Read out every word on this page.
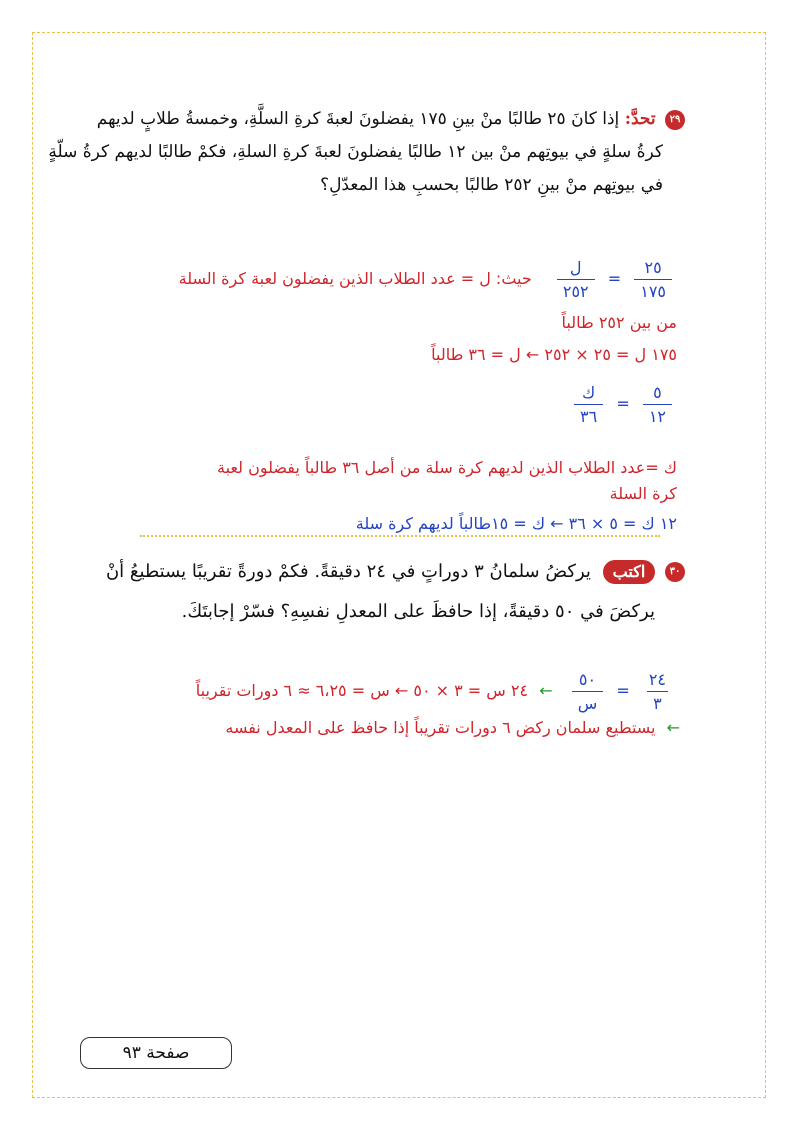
٢٩ تحدَّ: إذا كانَ ٢٥ طالبًا منْ بينِ ١٧٥ يفضلونَ لعبةَ كرةِ السلَّةِ، وخمسةُ طلابٍ لديهم
كرةُ سلةٍ في بيوتِهم منْ بين ١٢ طالبًا يفضلونَ لعبةَ كرةِ السلةِ، فكمْ طالبًا لديهم كرةُ سلّةٍ
في بيوتِهم منْ بينِ ٢٥٢ طالبًا بحسبِ هذا المعدّلِ؟
$\frac{٢٥}{١٧٥}$
=
$\frac{\text{ل}}{٢٥٢}$
حيث: ل = عدد الطلاب الذين يفضلون لعبة كرة السلة
من بين ٢٥٢ طالباً
١٧٥ ل = ٢٥ × ٢٥٢ ← ل = ٣٦ طالباً
$\frac{٥}{١٢}$
=
$\frac{\text{ك}}{٣٦}$
ك =عدد الطلاب الذين لديهم كرة سلة من أصل ٣٦ طالباً يفضلون لعبة
كرة السلة
١٢ ك = ٥ × ٣٦ ← ك = ١٥طالباً لديهم كرة سلة
٣٠ اكتب يركضُ سلمانُ ٣ دوراتٍ في ٢٤ دقيقةً. فكمْ دورةً تقريبًا يستطيعُ أنْ
يركضَ في ٥٠ دقيقةً، إذا حافظَ على المعدلِ نفسِهِ؟ فسّرْ إجابتَكَ.
$\frac{٢٤}{٣}$
=
$\frac{٥٠}{\text{س}}$
← ٢٤ س = ٣ × ٥٠ ← س = ٦،٢٥ ≈ ٦ دورات تقريباً
← يستطيع سلمان ركض ٦ دورات تقريباً إذا حافظ على المعدل نفسه
صفحة ٩٣
